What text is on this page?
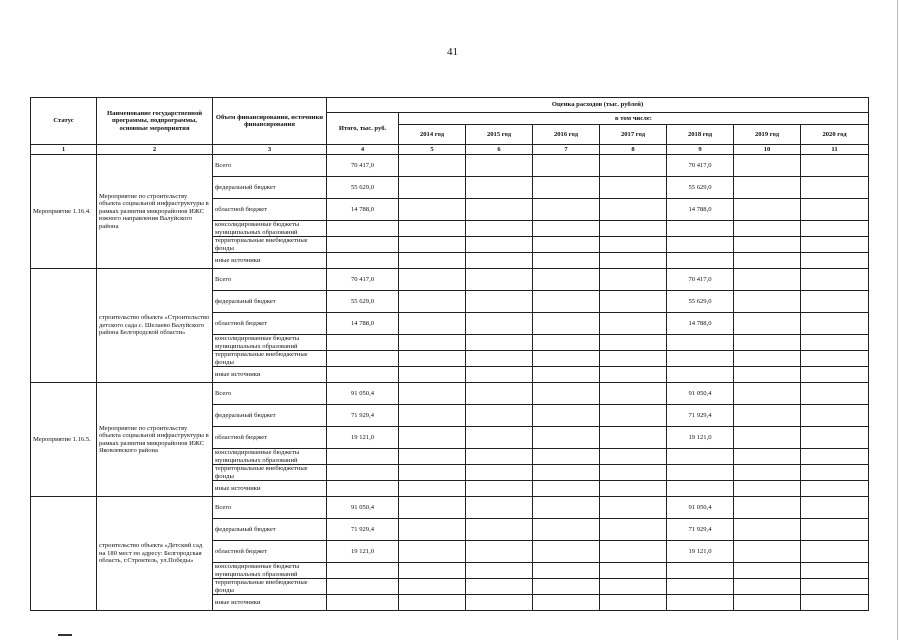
41
Статус	Наименование государственной программы, подпрограммы, основные мероприятия	Объем финансирования, источники финансирования	Оценка расходов (тыс. рублей)							
			Итого, тыс. руб.	в том числе:						
				2014 год	2015 год	2016 год	2017 год	2018 год	2019 год	2020 год
1	2	3	4	5	6	7	8	9	10	11
Мероприятие 1.16.4.	Мероприятие по строительству объекта социальной инфраструктуры в рамках развития микрорайонов ИЖС южного направления Валуйского района	Всего	70 417,0					70 417,0		
		федеральный бюджет	55 629,0					55 629,0		
		областной бюджет	14 788,0					14 788,0		
		консолидированные бюджеты муниципальных образований								
		территориальные внебюджетные фонды								
		иные источники								
	строительство объекта «Строительство детского сада с. Шелаево Валуйского района Белгородской области»	Всего	70 417,0					70 417,0		
		федеральный бюджет	55 629,0					55 629,0		
		областной бюджет	14 788,0					14 788,0		
		консолидированные бюджеты муниципальных образований								
		территориальные внебюджетные фонды								
		иные источники								
Мероприятие 1.16.5.	Мероприятие по строительству объекта социальной инфраструктуры в рамках развития микрорайонов ИЖС Яковлевского района	Всего	91 050,4					91 050,4		
		федеральный бюджет	71 929,4					71 929,4		
		областной бюджет	19 121,0					19 121,0		
		консолидированные бюджеты муниципальных образований								
		территориальные внебюджетные фонды								
		иные источники								
	строительство объекта «Детский сад на 180 мест по адресу: Белгородская область, г.Строитель, ул.Победы»	Всего	91 050,4					91 050,4		
		федеральный бюджет	71 929,4					71 929,4		
		областной бюджет	19 121,0					19 121,0		
		консолидированные бюджеты муниципальных образований								
		территориальные внебюджетные фонды								
		иные источники								
